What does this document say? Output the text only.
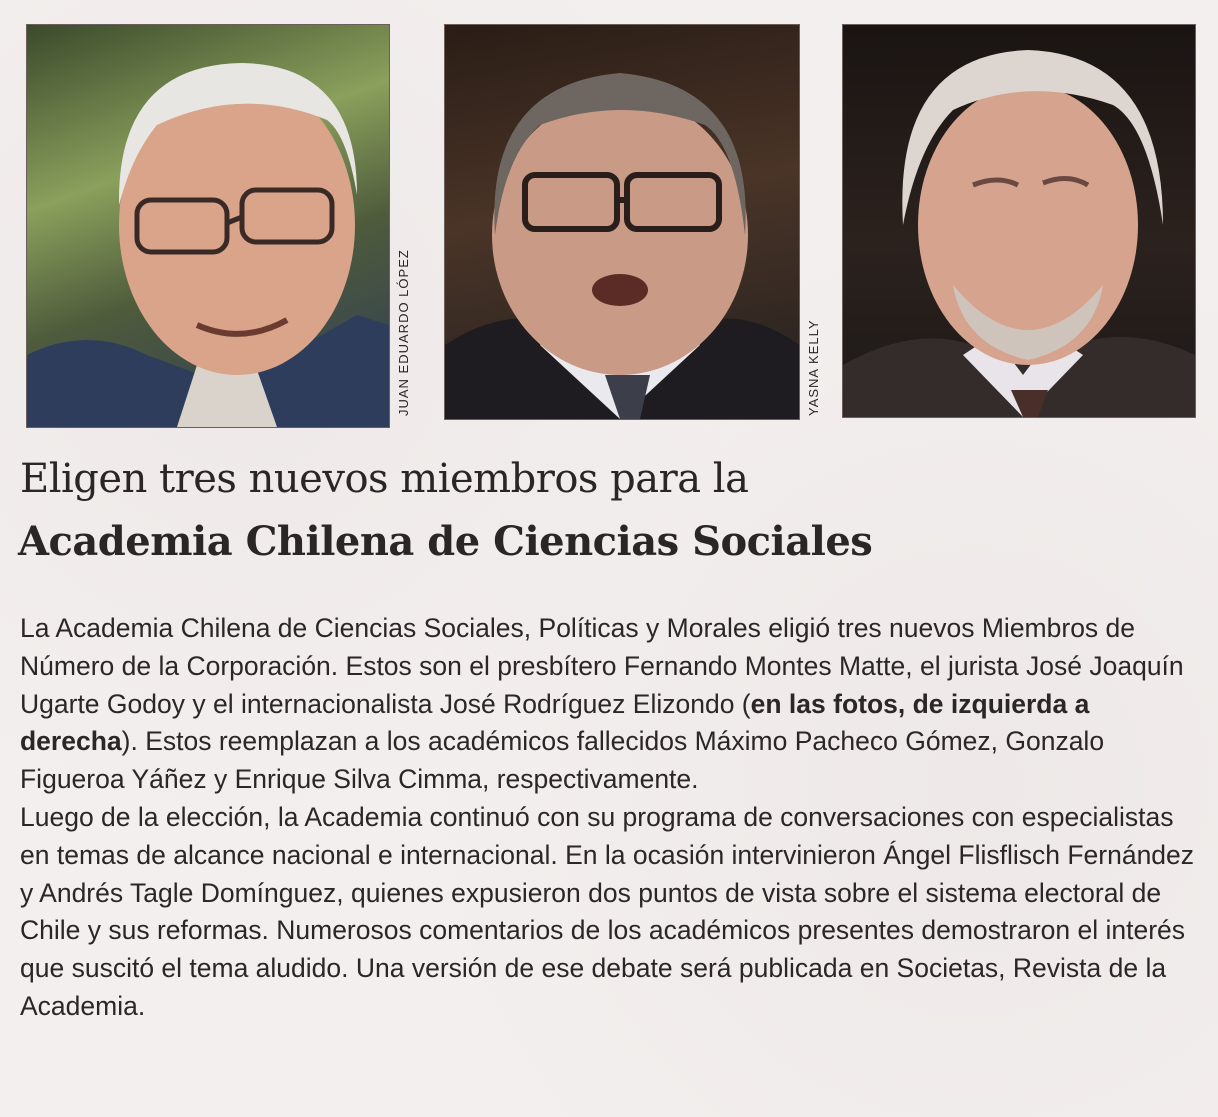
JUAN EDUARDO LÓPEZ	YASNA KELLY
Eligen tres nuevos miembros para la
Academia Chilena de Ciencias Sociales

La Academia Chilena de Ciencias Sociales, Políticas y Morales eligió tres nuevos Miembros de Número de la Corporación. Estos son el presbítero Fernando Montes Matte, el jurista José Joaquín Ugarte Godoy y el internacionalista José Rodríguez Elizondo (en las fotos, de izquierda a derecha). Estos reemplazan a los académicos fallecidos Máximo Pacheco Gómez, Gonzalo Figueroa Yáñez y Enrique Silva Cimma, respectivamente.

Luego de la elección, la Academia continuó con su programa de conversaciones con especialistas en temas de alcance nacional e internacional. En la ocasión intervinieron Ángel Flisflisch Fernández y Andrés Tagle Domínguez, quienes expusieron dos puntos de vista sobre el sistema electoral de Chile y sus reformas. Numerosos comentarios de los académicos presentes demostraron el interés que suscitó el tema aludido. Una versión de ese debate será publicada en Societas, Revista de la Academia.
